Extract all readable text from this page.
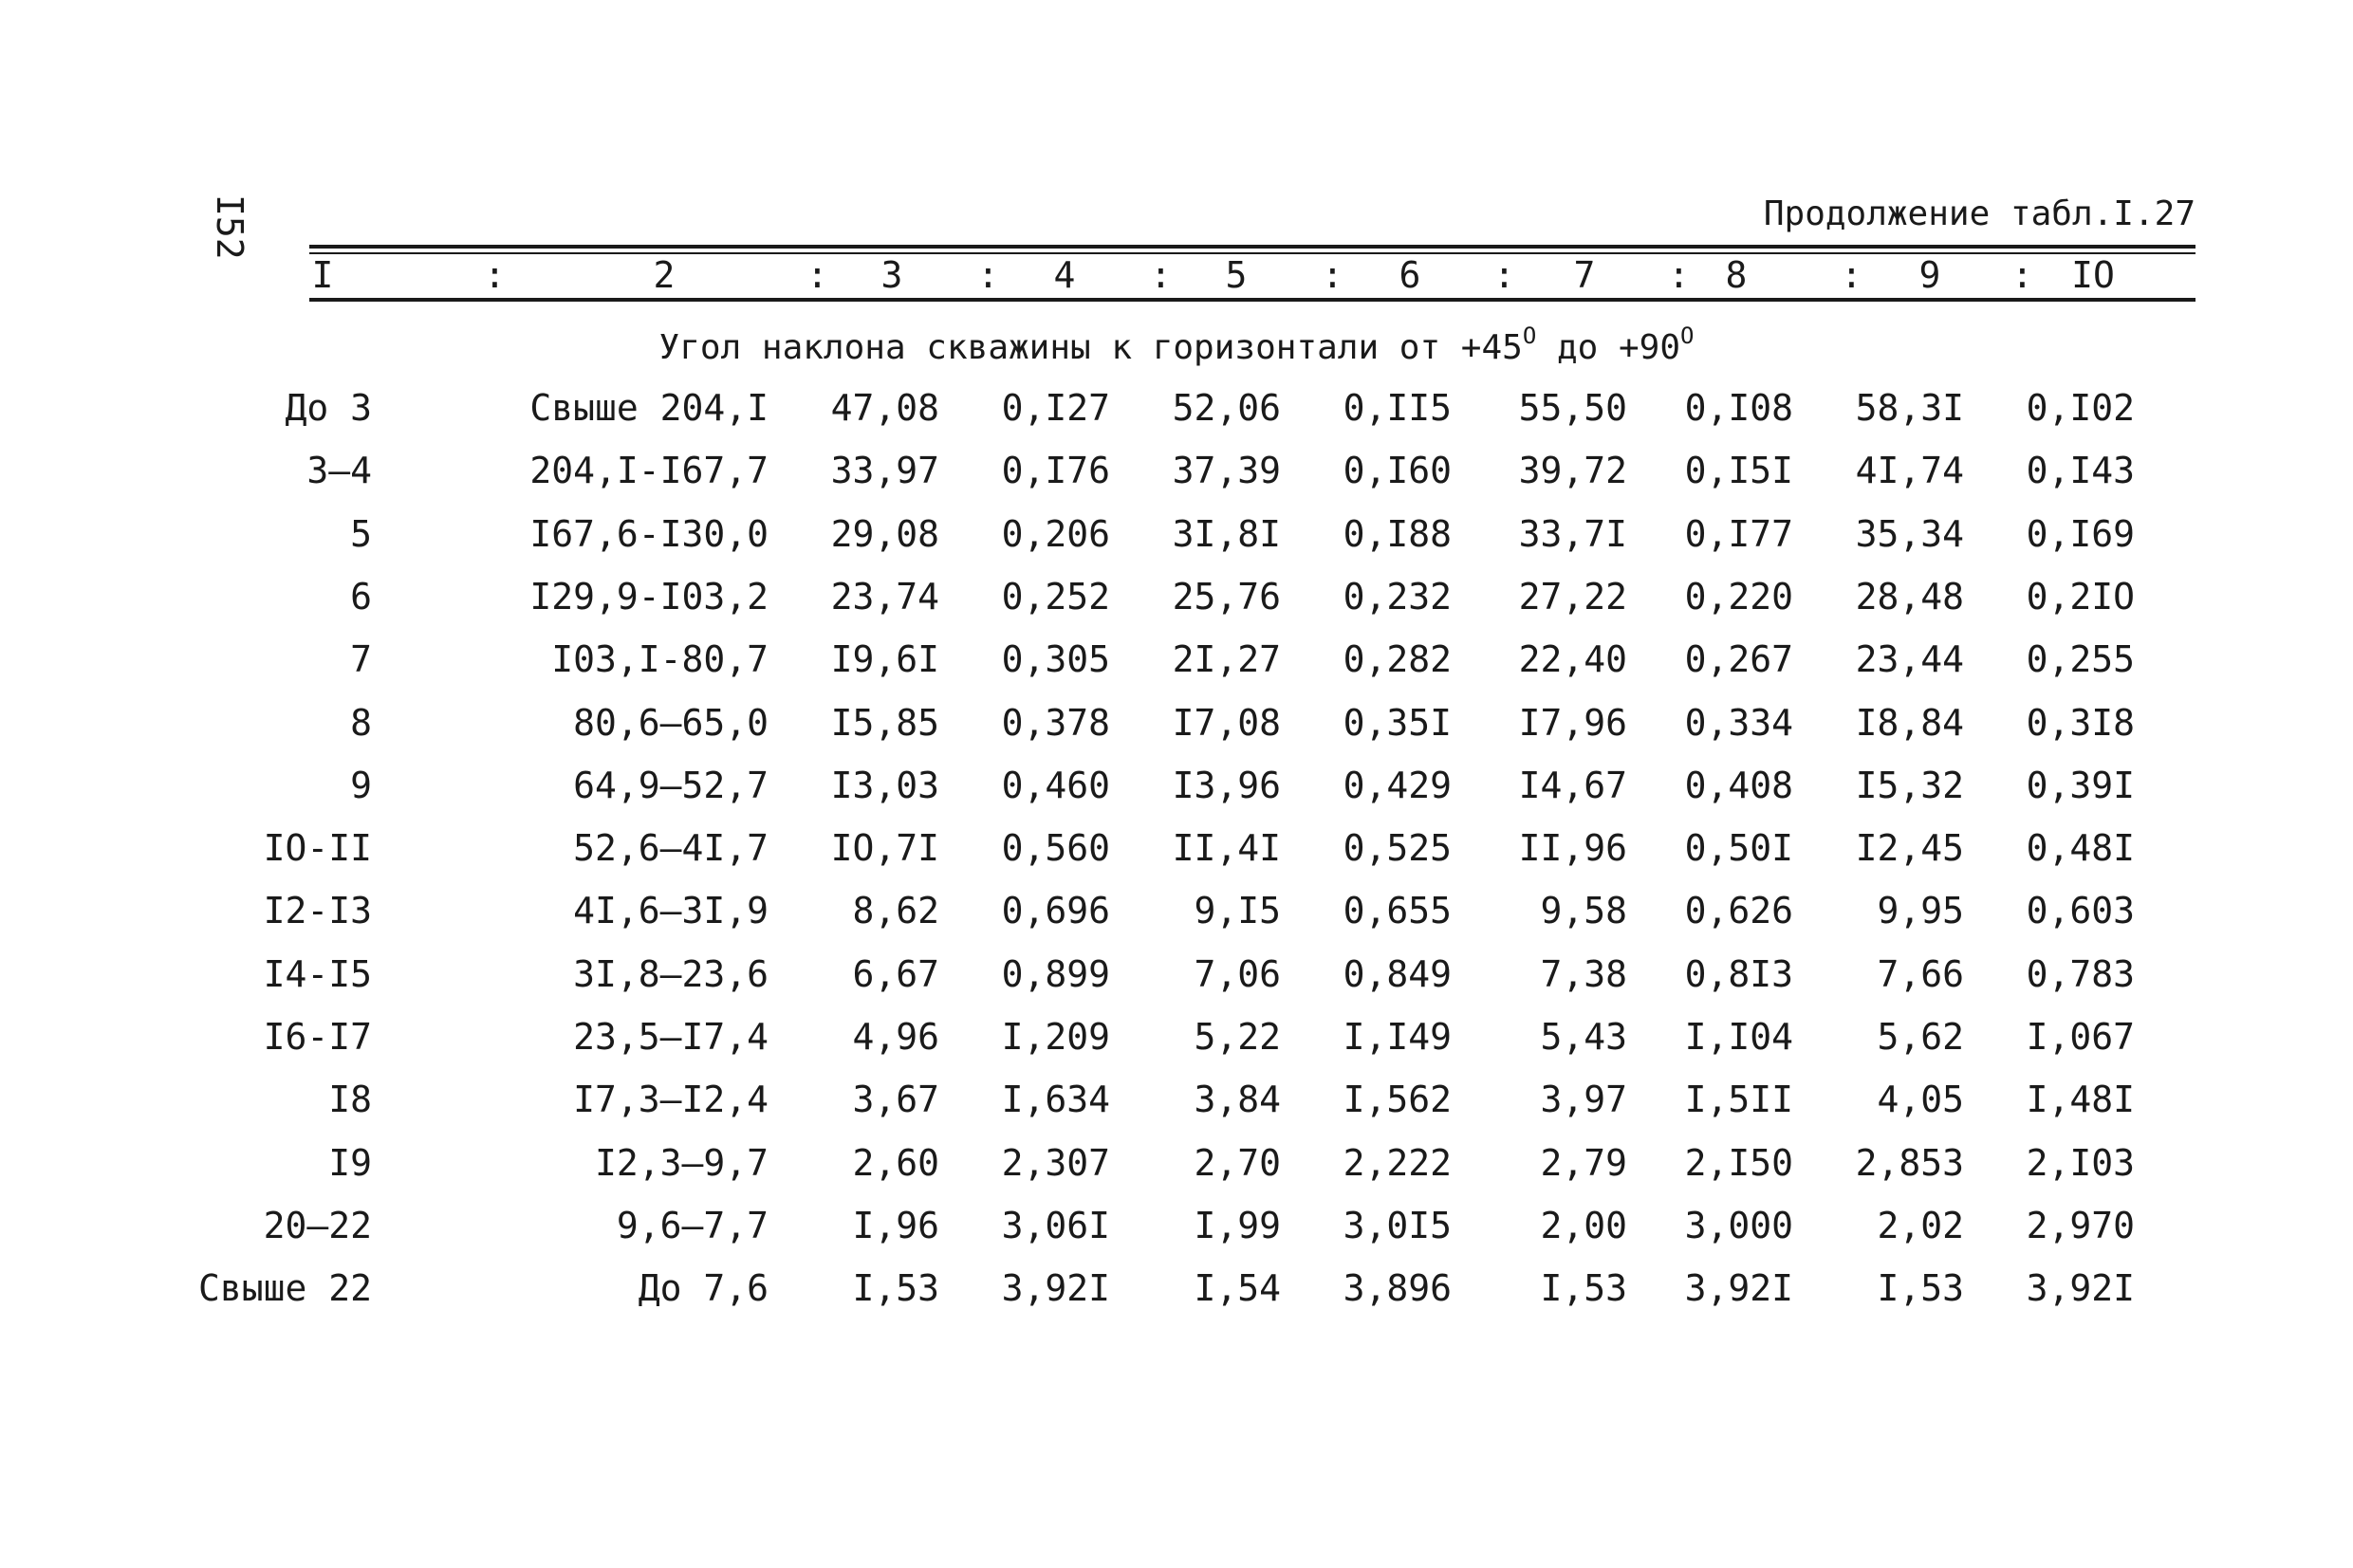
I52	Продолжение табл.I.27
I	2	3	4	5	6	7	8	9	IO
:	:	:	:	:	:	:	:	:
Угол наклона скважины к горизонтали от $+45^О$ до $+90^О$
До 3	Свыше 204,I	47,08	0,I27	52,06	0,II5	55,50	0,I08	58,3I	0,I02
3–4	204,I-I67,7	33,97	0,I76	37,39	0,I60	39,72	0,I5I	4I,74	0,I43
5	I67,6-I30,0	29,08	0,206	3I,8I	0,I88	33,7I	0,I77	35,34	0,I69
6	I29,9-I03,2	23,74	0,252	25,76	0,232	27,22	0,220	28,48	0,2IO
7	I03,I-80,7	I9,6I	0,305	2I,27	0,282	22,40	0,267	23,44	0,255
8	80,6–65,0	I5,85	0,378	I7,08	0,35I	I7,96	0,334	I8,84	0,3I8
9	64,9–52,7	I3,03	0,460	I3,96	0,429	I4,67	0,408	I5,32	0,39I
IO-II	52,6–4I,7	IO,7I	0,560	II,4I	0,525	II,96	0,50I	I2,45	0,48I
I2-I3	4I,6–3I,9	8,62	0,696	9,I5	0,655	9,58	0,626	9,95	0,603
I4-I5	3I,8–23,6	6,67	0,899	7,06	0,849	7,38	0,8I3	7,66	0,783
I6-I7	23,5–I7,4	4,96	I,209	5,22	I,I49	5,43	I,I04	5,62	I,067
I8	I7,3–I2,4	3,67	I,634	3,84	I,562	3,97	I,5II	4,05	I,48I
I9	I2,3–9,7	2,60	2,307	2,70	2,222	2,79	2,I50	2,853	2,I03
20–22	9,6–7,7	I,96	3,06I	I,99	3,0I5	2,00	3,000	2,02	2,970
Свыше 22	До 7,6	I,53	3,92I	I,54	3,896	I,53	3,92I	I,53	3,92I
